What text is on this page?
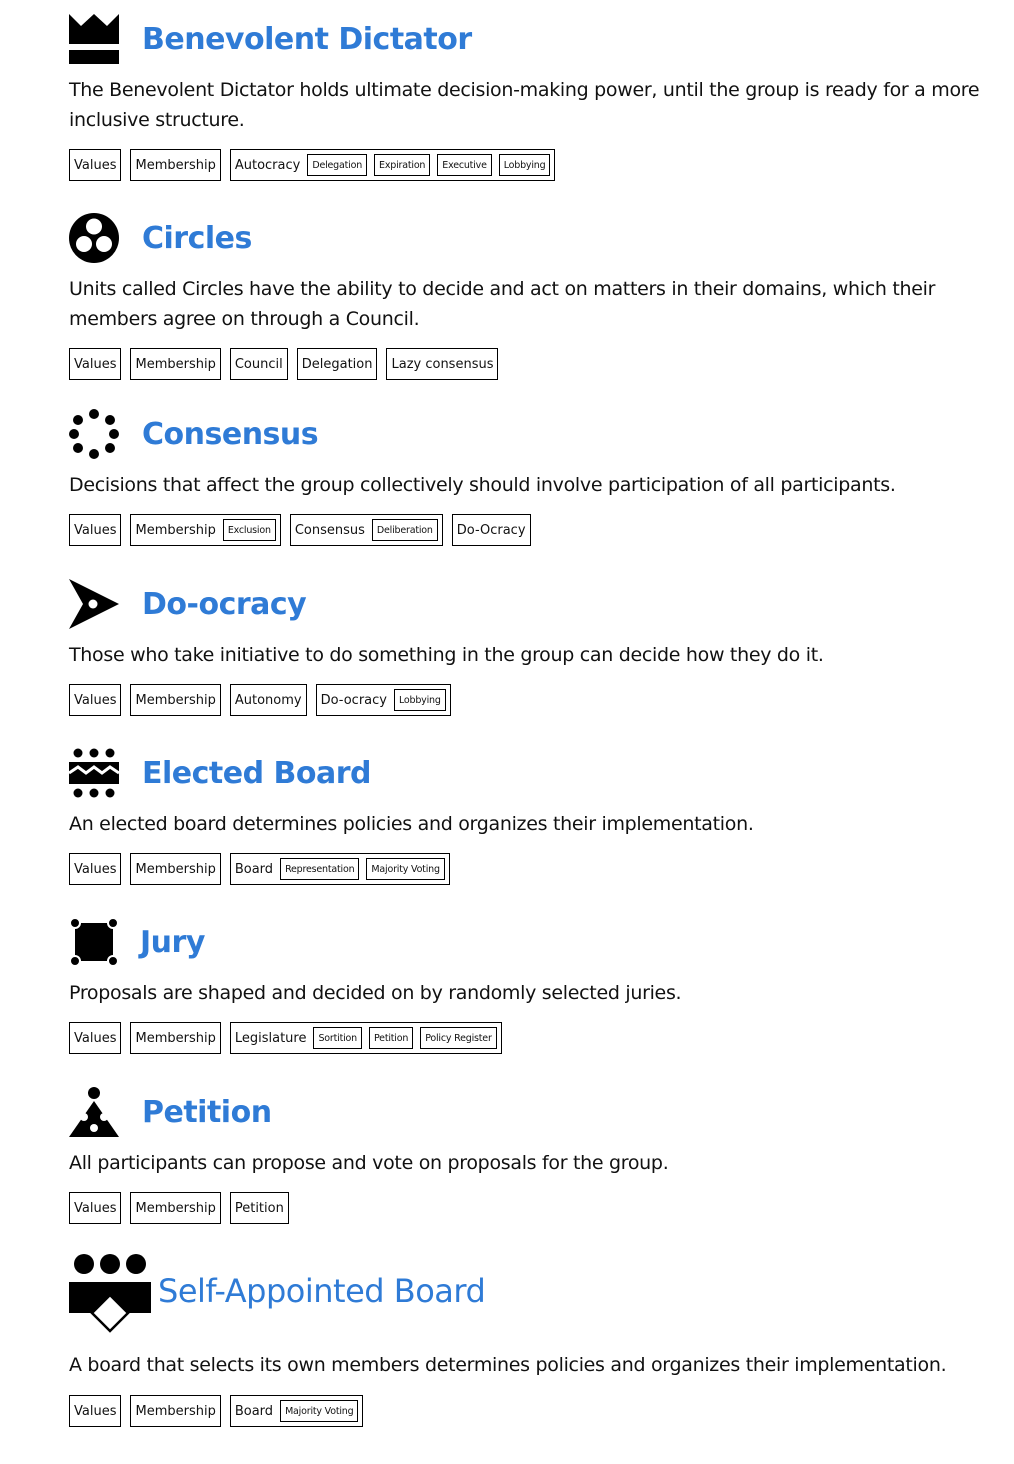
Benevolent Dictator

The Benevolent Dictator holds ultimate decision-making power, until the group is ready for a more inclusive structure.

Values Membership Autocracy	Delegation	Expiration	Executive	Lobbying
Circles

Units called Circles have the ability to decide and act on matters in their domains, which their members agree on through a Council.

Values Membership Council Delegation Lazy consensus
Consensus

Decisions that affect the group collectively should involve participation of all participants.

Values Membership	Exclusion	Consensus	Deliberation	Do-Ocracy
Do-ocracy

Those who take initiative to do something in the group can decide how they do it.

Values Membership Autonomy Do-ocracy	Lobbying
Elected Board

An elected board determines policies and organizes their implementation.

Values Membership Board	Representation	Majority Voting
Jury

Proposals are shaped and decided on by randomly selected juries.

Values Membership Legislature	Sortition	Petition	Policy Register
Petition

All participants can propose and vote on proposals for the group.

Values Membership Petition
Self-Appointed Board

A board that selects its own members determines policies and organizes their implementation.

Values Membership Board	Majority Voting
